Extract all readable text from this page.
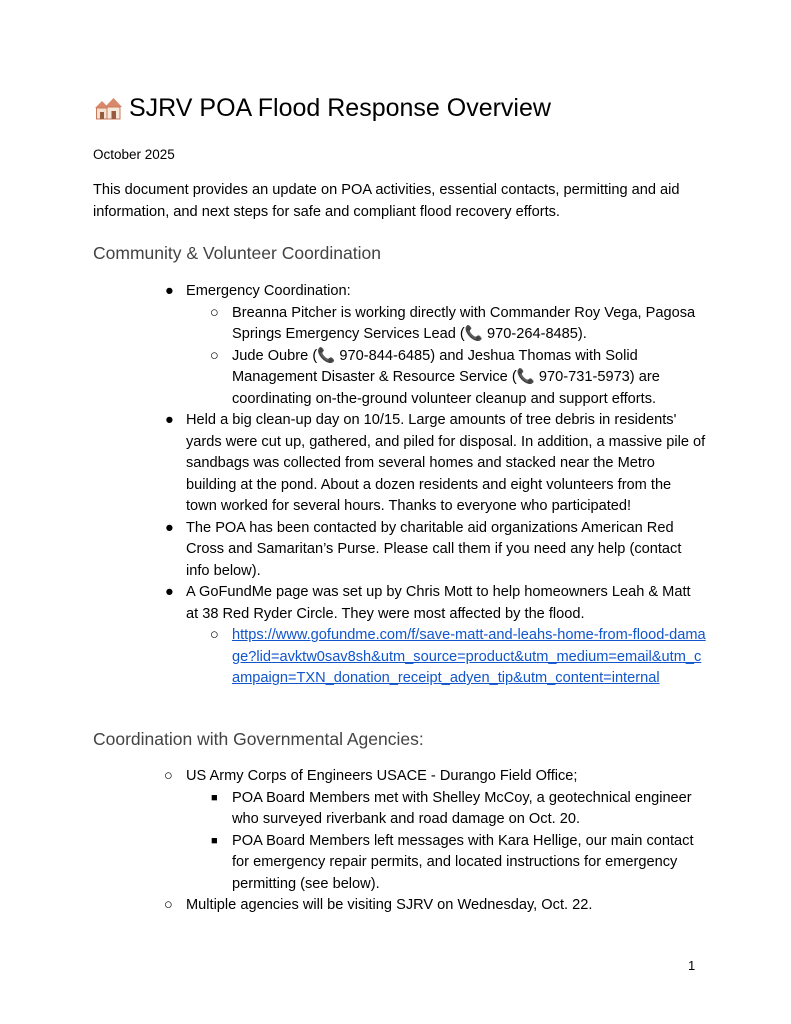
SJRV POA Flood Response Overview
October 2025
This document provides an update on POA activities, essential contacts, permitting and aid information, and next steps for safe and compliant flood recovery efforts.
Community & Volunteer Coordination
● Emergency Coordination:
○ Breanna Pitcher is working directly with Commander Roy Vega, Pagosa Springs Emergency Services Lead (📞 970-264-8485).
○ Jude Oubre (📞 970-844-6485) and Jeshua Thomas with Solid Management Disaster & Resource Service (📞 970-731-5973) are coordinating on-the-ground volunteer cleanup and support efforts.
● Held a big clean-up day on 10/15. Large amounts of tree debris in residents' yards were cut up, gathered, and piled for disposal. In addition, a massive pile of sandbags was collected from several homes and stacked near the Metro building at the pond. About a dozen residents and eight volunteers from the town worked for several hours. Thanks to everyone who participated!
● The POA has been contacted by charitable aid organizations American Red Cross and Samaritan’s Purse. Please call them if you need any help (contact info below).
● A GoFundMe page was set up by Chris Mott to help homeowners Leah & Matt at 38 Red Ryder Circle. They were most affected by the flood.
○ https://www.gofundme.com/f/save-matt-and-leahs-home-from-flood-damage?lid=avktw0sav8sh&utm_source=product&utm_medium=email&utm_campaign=TXN_donation_receipt_adyen_tip&utm_content=internal
Coordination with Governmental Agencies:
○ US Army Corps of Engineers USACE - Durango Field Office;
■ POA Board Members met with Shelley McCoy, a geotechnical engineer who surveyed riverbank and road damage on Oct. 20.
■ POA Board Members left messages with Kara Hellige, our main contact for emergency repair permits, and located instructions for emergency permitting (see below).
○ Multiple agencies will be visiting SJRV on Wednesday, Oct. 22.
1
